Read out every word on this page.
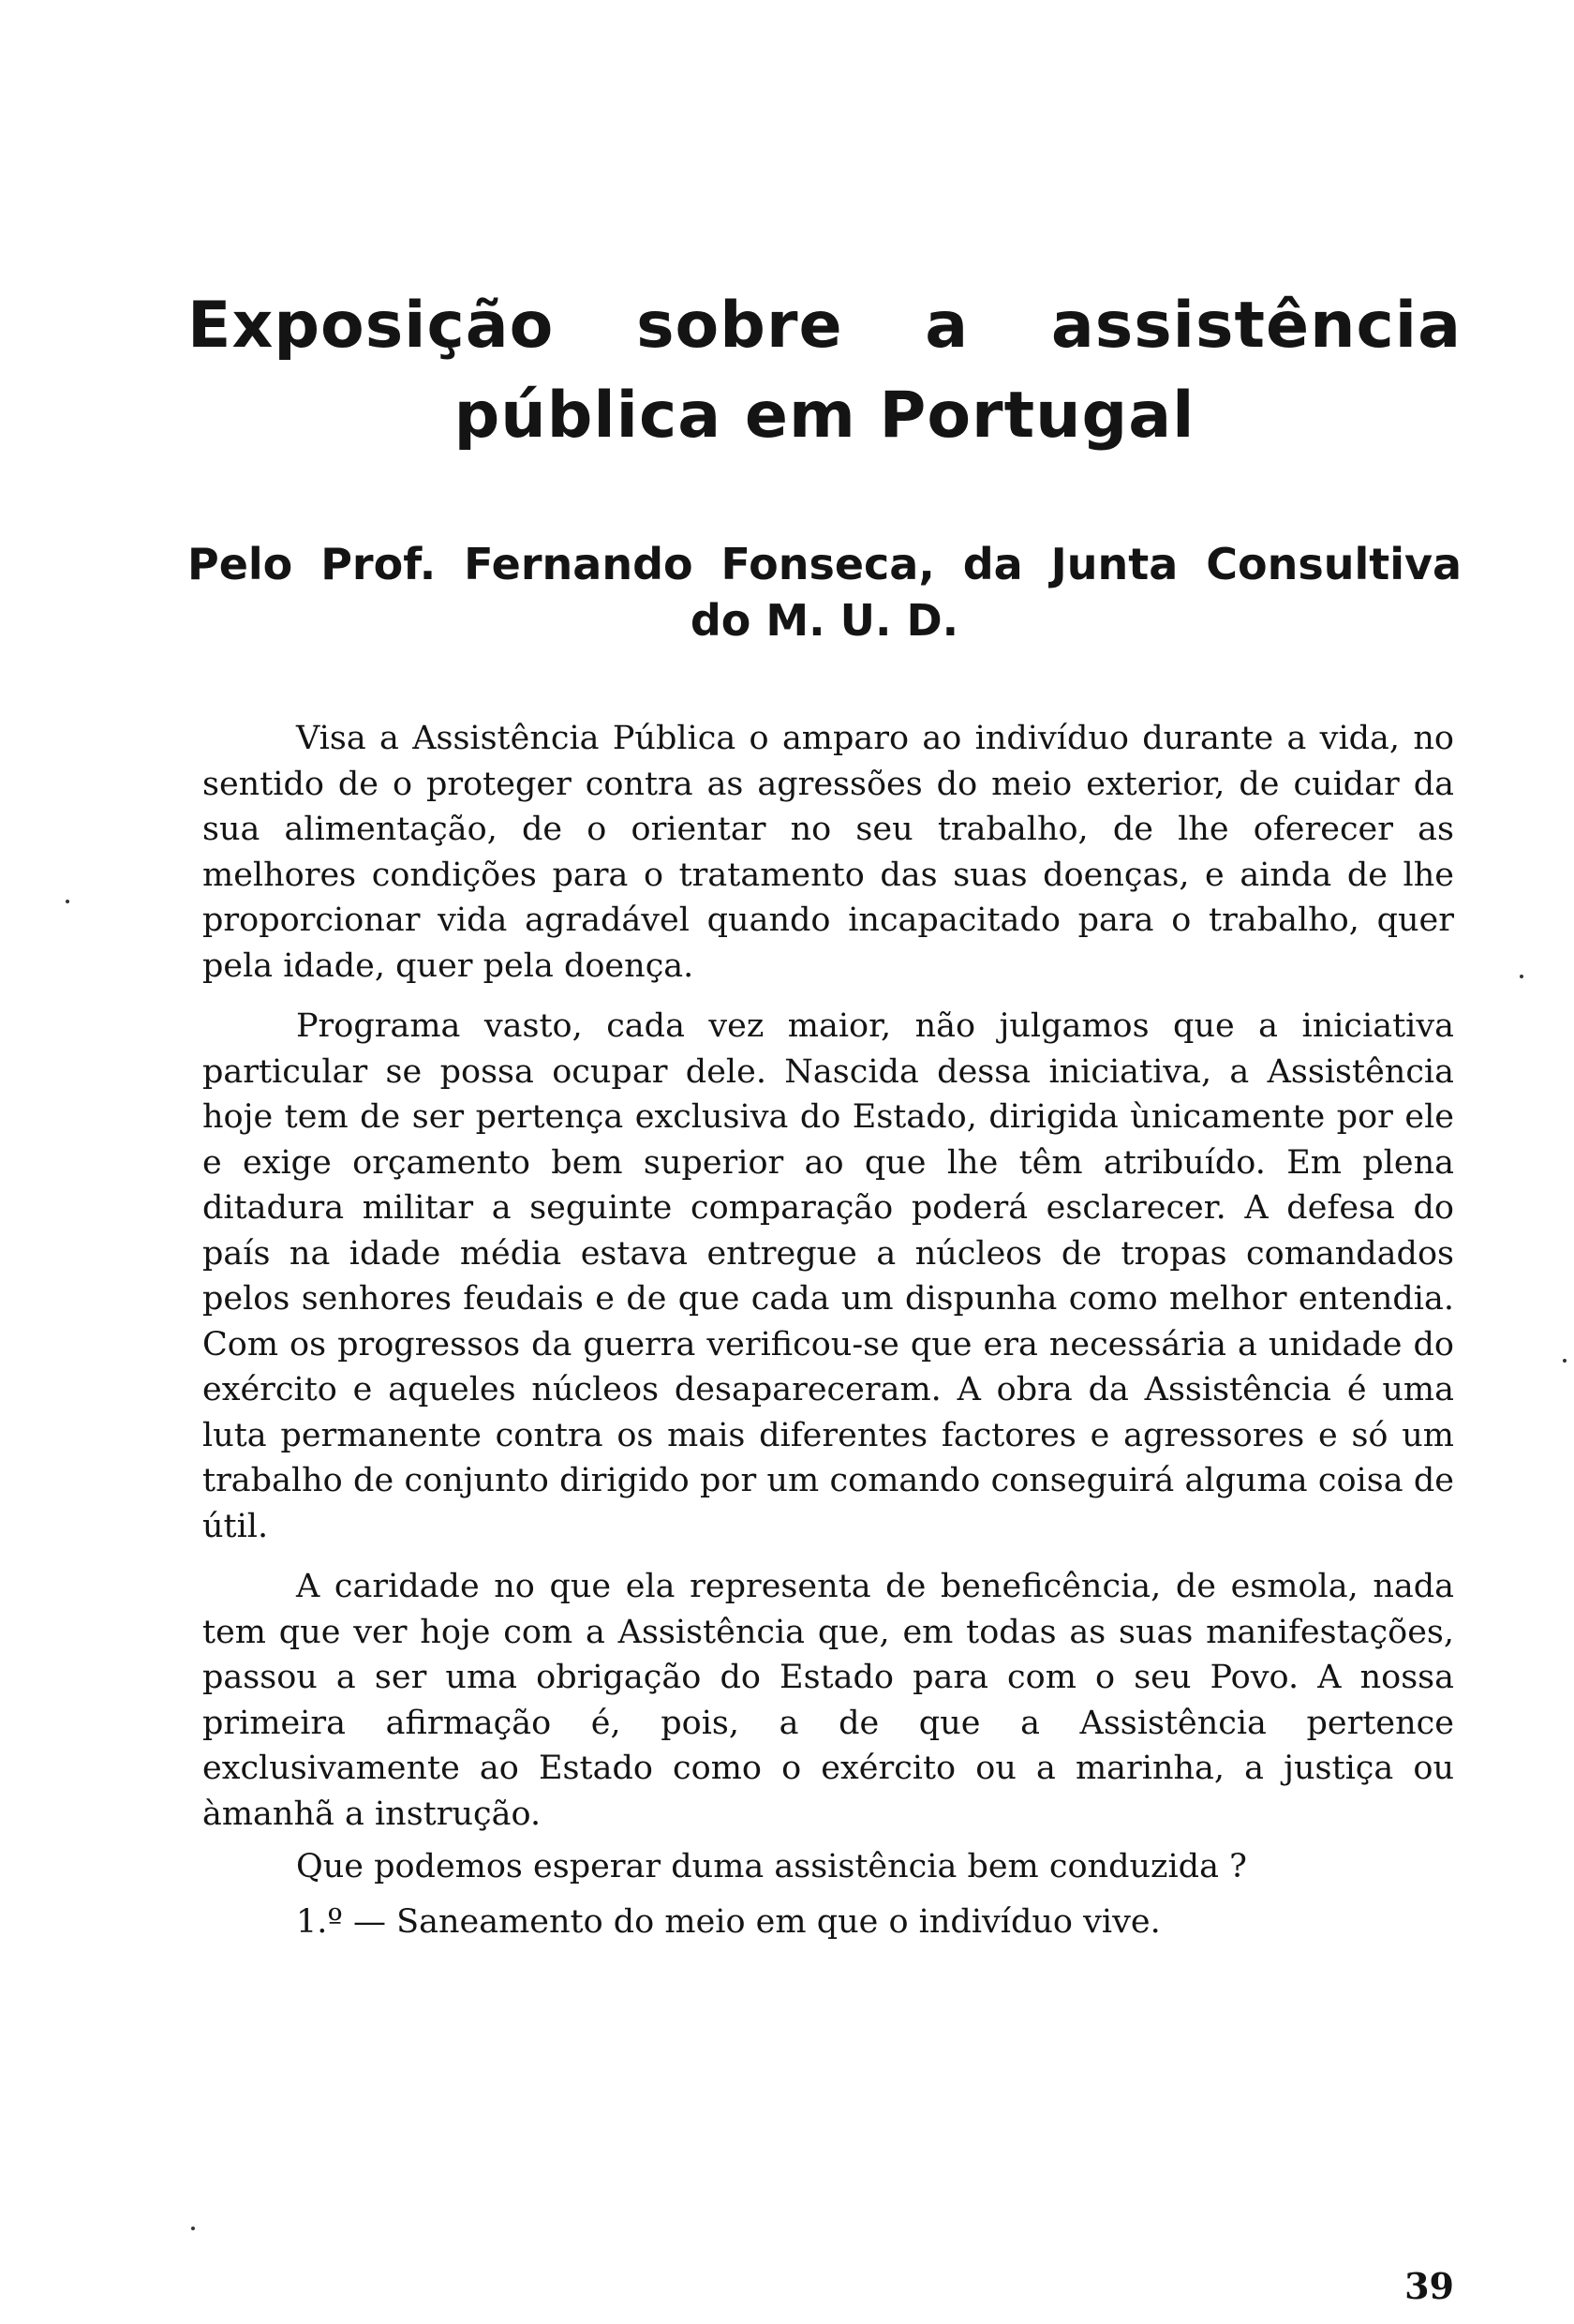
Exposição sobre a assistência
pública em Portugal
Pelo Prof. Fernando Fonseca, da Junta Consultiva
do M. U. D.

Visa a Assistência Pública o amparo ao indivíduo durante a vida, no sentido de o proteger contra as agressões do meio exterior, de cuidar da sua alimentação, de o orientar no seu trabalho, de lhe oferecer as melhores condições para o tratamento das suas doenças, e ainda de lhe proporcionar vida agradável quando incapacitado para o trabalho, quer pela idade, quer pela doença.

Programa vasto, cada vez maior, não julgamos que a iniciativa particular se possa ocupar dele. Nascida dessa iniciativa, a Assistência hoje tem de ser pertença exclusiva do Estado, dirigida ùnicamente por ele e exige orçamento bem superior ao que lhe têm atribuído. Em plena ditadura militar a seguinte comparação poderá esclarecer. A defesa do país na idade média estava entregue a núcleos de tropas comandados pelos senhores feudais e de que cada um dispunha como melhor entendia. Com os progressos da guerra verificou-se que era necessária a unidade do exército e aqueles núcleos desapareceram. A obra da Assistência é uma luta permanente contra os mais diferentes factores e agressores e só um trabalho de conjunto dirigido por um comando conseguirá alguma coisa de útil.

A caridade no que ela representa de beneficência, de esmola, nada tem que ver hoje com a Assistência que, em todas as suas manifestações, passou a ser uma obrigação do Estado para com o seu Povo. A nossa primeira afirmação é, pois, a de que a Assistência pertence exclusivamente ao Estado como o exército ou a marinha, a justiça ou àmanhã a instrução.

Que podemos esperar duma assistência bem conduzida ?

1.º — Saneamento do meio em que o indivíduo vive.

39
